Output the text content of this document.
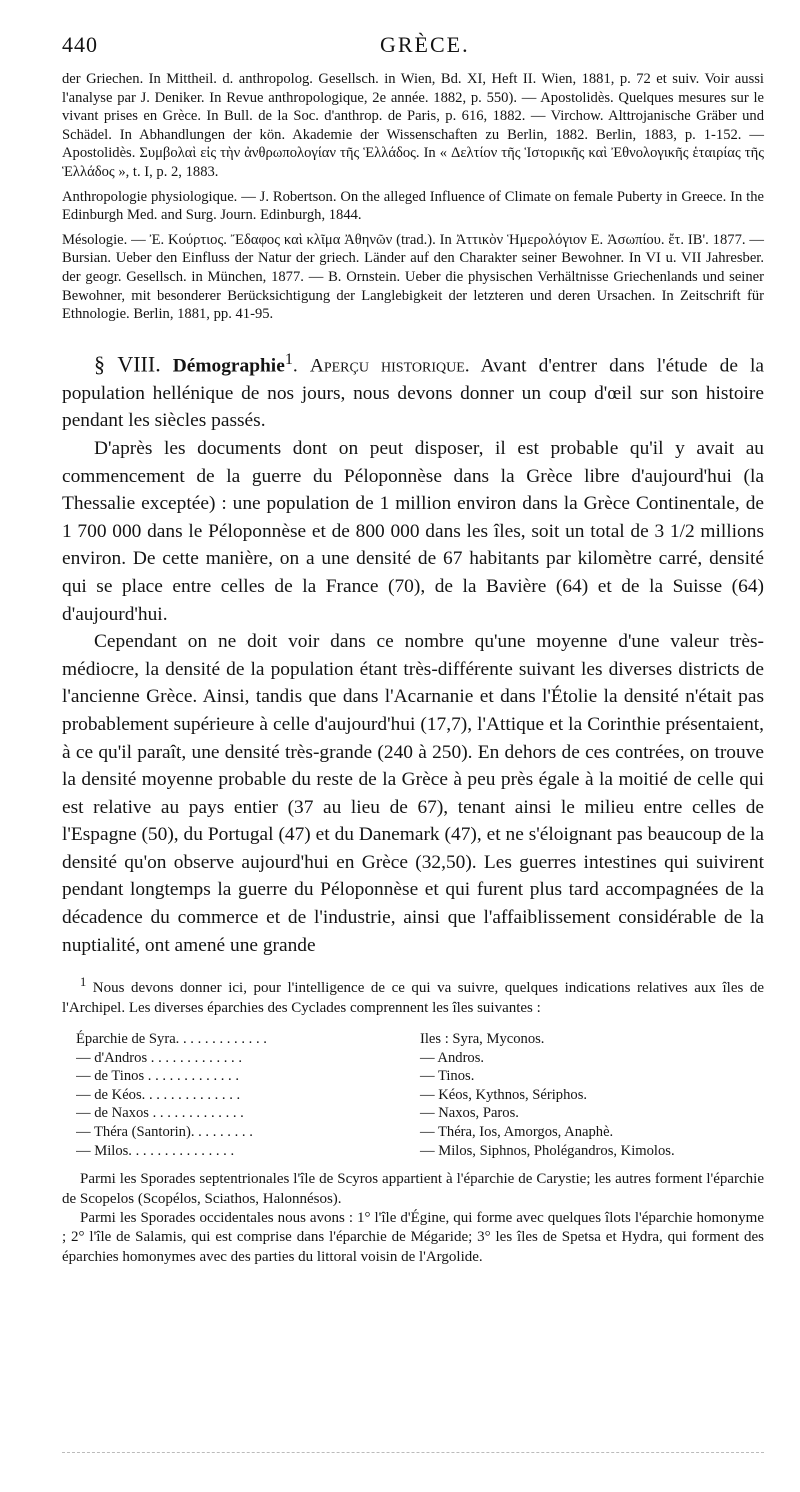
440	GRÈCE.

der Griechen. In Mittheil. d. anthropolog. Gesellsch. in Wien, Bd. XI, Heft II. Wien, 1881, p. 72 et suiv. Voir aussi l'analyse par J. Deniker. In Revue anthropologique, 2e année. 1882, p. 550). — Apostolidès. Quelques mesures sur le vivant prises en Grèce. In Bull. de la Soc. d'anthrop. de Paris, p. 616, 1882. — Virchow. Alttrojanische Gräber und Schädel. In Abhandlungen der kön. Akademie der Wissenschaften zu Berlin, 1882. Berlin, 1883, p. 1-152. — Apostolidès. Συμβολαὶ εἰς τὴν ἀνθρωπολογίαν τῆς Ἑλλάδος. In « Δελτίον τῆς Ἱστορικῆς καὶ Ἐθνολογικῆς ἑταιρίας τῆς Ἑλλάδος », t. I, p. 2, 1883.

Anthropologie physiologique. — J. Robertson. On the alleged Influence of Climate on female Puberty in Greece. In the Edinburgh Med. and Surg. Journ. Edinburgh, 1844.

Mésologie. — Ἐ. Κούρτιος. Ἔδαφος καὶ κλῖμα Ἀθηνῶν (trad.). In Ἀττικὸν Ἡμερολόγιον Ε. Ἀσωπίου. ἔτ. ΙΒ'. 1877. — Bursian. Ueber den Einfluss der Natur der griech. Länder auf den Charakter seiner Bewohner. In VI u. VII Jahresber. der geogr. Gesellsch. in München, 1877. — B. Ornstein. Ueber die physischen Verhältnisse Griechenlands und seiner Bewohner, mit besonderer Berücksichtigung der Langlebigkeit der letzteren und deren Ursachen. In Zeitschrift für Ethnologie. Berlin, 1881, pp. 41-95.

§ VIII. Démographie$^1$. Aperçu historique. Avant d'entrer dans l'étude de la population hellénique de nos jours, nous devons donner un coup d'œil sur son histoire pendant les siècles passés.

D'après les documents dont on peut disposer, il est probable qu'il y avait au commencement de la guerre du Péloponnèse dans la Grèce libre d'aujourd'hui (la Thessalie exceptée) : une population de 1 million environ dans la Grèce Continentale, de 1 700 000 dans le Péloponnèse et de 800 000 dans les îles, soit un total de 3 1/2 millions environ. De cette manière, on a une densité de 67 habitants par kilomètre carré, densité qui se place entre celles de la France (70), de la Bavière (64) et de la Suisse (64) d'aujourd'hui.

Cependant on ne doit voir dans ce nombre qu'une moyenne d'une valeur très-médiocre, la densité de la population étant très-différente suivant les diverses districts de l'ancienne Grèce. Ainsi, tandis que dans l'Acarnanie et dans l'Étolie la densité n'était pas probablement supérieure à celle d'aujourd'hui (17,7), l'Attique et la Corinthie présentaient, à ce qu'il paraît, une densité très-grande (240 à 250). En dehors de ces contrées, on trouve la densité moyenne probable du reste de la Grèce à peu près égale à la moitié de celle qui est relative au pays entier (37 au lieu de 67), tenant ainsi le milieu entre celles de l'Espagne (50), du Portugal (47) et du Danemark (47), et ne s'éloignant pas beaucoup de la densité qu'on observe aujourd'hui en Grèce (32,50). Les guerres intestines qui suivirent pendant longtemps la guerre du Péloponnèse et qui furent plus tard accompagnées de la décadence du commerce et de l'industrie, ainsi que l'affaiblissement considérable de la nuptialité, ont amené une grande

$^1$ Nous devons donner ici, pour l'intelligence de ce qui va suivre, quelques indications relatives aux îles de l'Archipel. Les diverses éparchies des Cyclades comprennent les îles suivantes :

Éparchie de Syra. . . . . . . . . . . . .	Iles : Syra, Myconos.
— d'Andros . . . . . . . . . . . . .	— Andros.
— de Tinos . . . . . . . . . . . . .	— Tinos.
— de Kéos. . . . . . . . . . . . . .	— Kéos, Kythnos, Sériphos.
— de Naxos . . . . . . . . . . . . .	— Naxos, Paros.
— Théra (Santorin). . . . . . . . .	— Théra, Ios, Amorgos, Anaphè.
— Milos. . . . . . . . . . . . . . .	— Milos, Siphnos, Pholégandros, Kimolos.

Parmi les Sporades septentrionales l'île de Scyros appartient à l'éparchie de Carystie; les autres forment l'éparchie de Scopelos (Scopélos, Sciathos, Halonnésos).

Parmi les Sporades occidentales nous avons : 1° l'île d'Égine, qui forme avec quelques îlots l'éparchie homonyme ; 2° l'île de Salamis, qui est comprise dans l'éparchie de Mégaride; 3° les îles de Spetsa et Hydra, qui forment des éparchies homonymes avec des parties du littoral voisin de l'Argolide.
